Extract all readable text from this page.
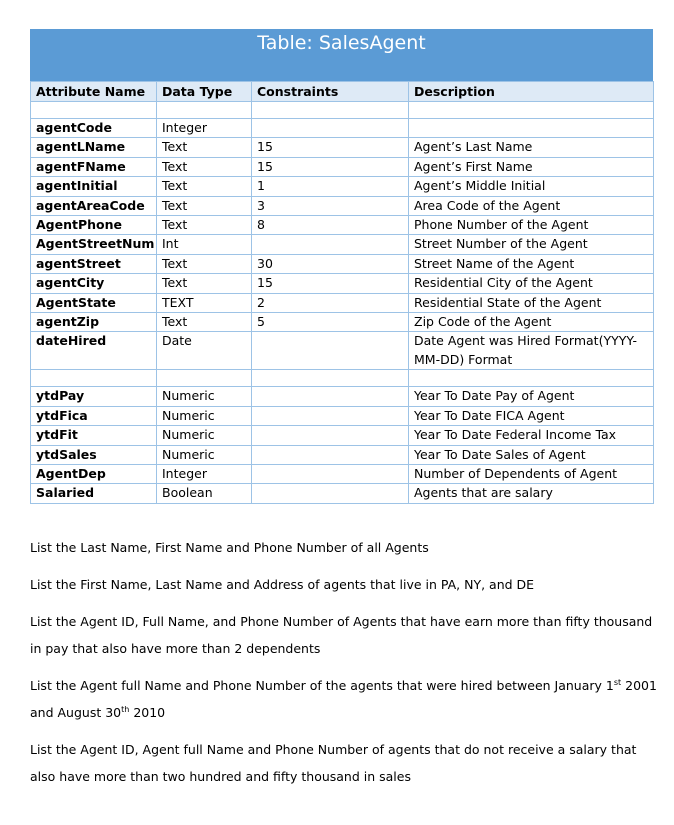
Table: SalesAgent
Attribute Name	Data Type	Constraints	Description

agentCode	Integer		
agentLName	Text	15	Agent’s Last Name
agentFName	Text	15	Agent’s First Name
agentInitial	Text	1	Agent’s Middle Initial
agentAreaCode	Text	3	Area Code of the Agent
AgentPhone	Text	8	Phone Number of the Agent
AgentStreetNum	Int		Street Number of the Agent
agentStreet	Text	30	Street Name of the Agent
agentCity	Text	15	Residential City of the Agent
AgentState	TEXT	2	Residential State of the Agent
agentZip	Text	5	Zip Code of the Agent
dateHired	Date		Date Agent was Hired Format(YYYY-MM-DD) Format

ytdPay	Numeric		Year To Date Pay of Agent
ytdFica	Numeric		Year To Date FICA Agent
ytdFit	Numeric		Year To Date Federal Income Tax
ytdSales	Numeric		Year To Date Sales of Agent
AgentDep	Integer		Number of Dependents of Agent
Salaried	Boolean		Agents that are salary

List the Last Name, First Name and Phone Number of all Agents

List the First Name, Last Name and Address of agents that live in PA, NY, and DE

List the Agent ID, Full Name, and Phone Number of Agents that have earn more than fifty thousand in pay that also have more than 2 dependents

List the Agent full Name and Phone Number of the agents that were hired between January 1st 2001 and August 30th 2010

List the Agent ID, Agent full Name and Phone Number of agents that do not receive a salary that also have more than two hundred and fifty thousand in sales
